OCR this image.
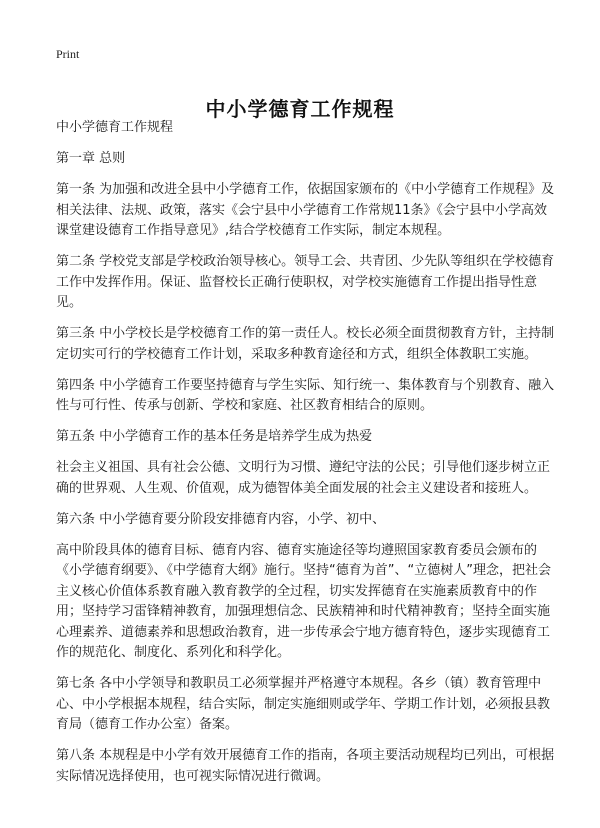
Print
中小学德育工作规程

中小学德育工作规程

第一章 总则

第一条 为加强和改进全县中小学德育工作，依据国家颁布的《中小学德育工作规程》及相关法律、法规、政策，落实《会宁县中小学德育工作常规11条》《会宁县中小学高效课堂建设德育工作指导意见》,结合学校德育工作实际，制定本规程。

第二条 学校党支部是学校政治领导核心。领导工会、共青团、少先队等组织在学校德育工作中发挥作用。保证、监督校长正确行使职权，对学校实施德育工作提出指导性意见。

第三条 中小学校长是学校德育工作的第一责任人。校长必须全面贯彻教育方针，主持制定切实可行的学校德育工作计划，采取多种教育途径和方式，组织全体教职工实施。

第四条 中小学德育工作要坚持德育与学生实际、知行统一、集体教育与个别教育、融入性与可行性、传承与创新、学校和家庭、社区教育相结合的原则。

第五条 中小学德育工作的基本任务是培养学生成为热爱

社会主义祖国、具有社会公德、文明行为习惯、遵纪守法的公民；引导他们逐步树立正确的世界观、人生观、价值观，成为德智体美全面发展的社会主义建设者和接班人。

第六条 中小学德育要分阶段安排德育内容，小学、初中、

高中阶段具体的德育目标、德育内容、德育实施途径等均遵照国家教育委员会颁布的《小学德育纲要》、《中学德育大纲》施行。坚持“德育为首”、“立德树人”理念，把社会主义核心价值体系教育融入教育教学的全过程，切实发挥德育在实施素质教育中的作用；坚持学习雷锋精神教育，加强理想信念、民族精神和时代精神教育；坚持全面实施心理素养、道德素养和思想政治教育，进一步传承会宁地方德育特色，逐步实现德育工作的规范化、制度化、系列化和科学化。

第七条 各中小学领导和教职员工必须掌握并严格遵守本规程。各乡（镇）教育管理中心、中小学根据本规程，结合实际，制定实施细则或学年、学期工作计划，必须报县教育局（德育工作办公室）备案。

第八条 本规程是中小学有效开展德育工作的指南，各项主要活动规程均已列出，可根据实际情况选择使用，也可视实际情况进行微调。
